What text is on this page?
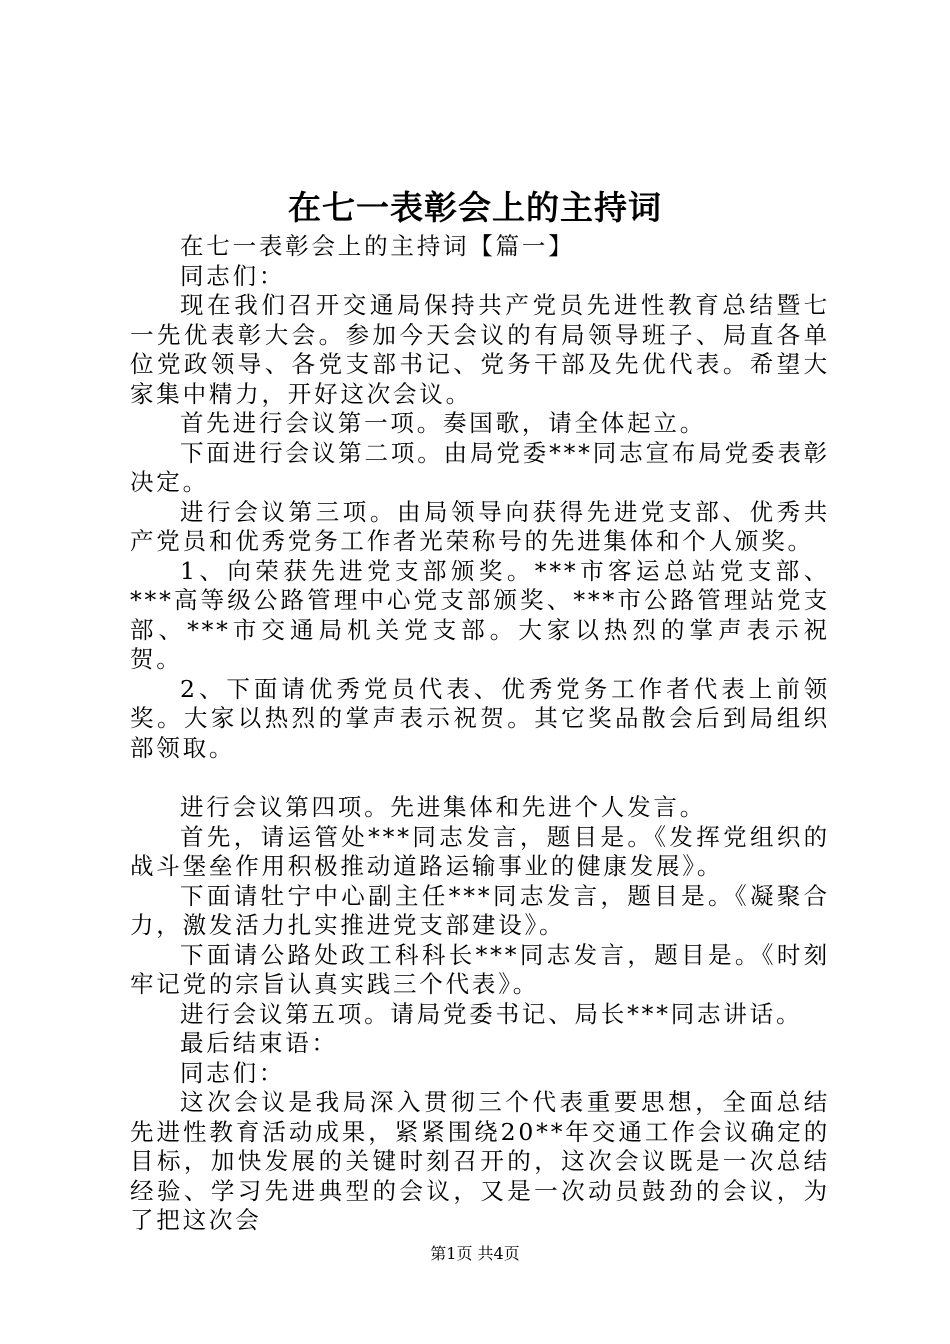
在七一表彰会上的主持词

在七一表彰会上的主持词【篇一】

同志们：

现在我们召开交通局保持共产党员先进性教育总结暨七一先优表彰大会。参加今天会议的有局领导班子、局直各单位党政领导、各党支部书记、党务干部及先优代表。希望大家集中精力，开好这次会议。

首先进行会议第一项。奏国歌，请全体起立。

下面进行会议第二项。由局党委***同志宣布局党委表彰决定。

进行会议第三项。由局领导向获得先进党支部、优秀共产党员和优秀党务工作者光荣称号的先进集体和个人颁奖。

1、向荣获先进党支部颁奖。***市客运总站党支部、***高等级公路管理中心党支部颁奖、***市公路管理站党支部、***市交通局机关党支部。大家以热烈的掌声表示祝贺。

2、下面请优秀党员代表、优秀党务工作者代表上前领奖。大家以热烈的掌声表示祝贺。其它奖品散会后到局组织部领取。

进行会议第四项。先进集体和先进个人发言。

首先，请运管处***同志发言，题目是。《发挥党组织的战斗堡垒作用积极推动道路运输事业的健康发展》。

下面请牡宁中心副主任***同志发言，题目是。《凝聚合力，激发活力扎实推进党支部建设》。

下面请公路处政工科科长***同志发言，题目是。《时刻牢记党的宗旨认真实践三个代表》。

进行会议第五项。请局党委书记、局长***同志讲话。

最后结束语：

同志们：

这次会议是我局深入贯彻三个代表重要思想，全面总结先进性教育活动成果，紧紧围绕20**年交通工作会议确定的目标，加快发展的关键时刻召开的，这次会议既是一次总结经验、学习先进典型的会议，又是一次动员鼓劲的会议，为了把这次会

第1页 共4页
